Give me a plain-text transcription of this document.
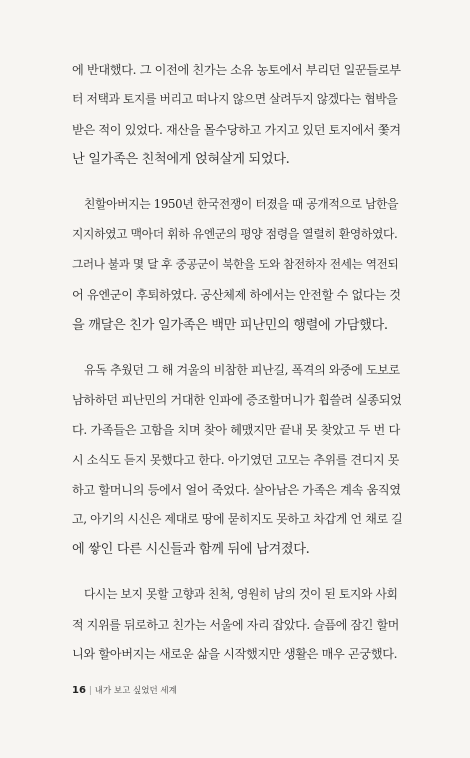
에 반대했다. 그 이전에 친가는 소유 농토에서 부리던 일꾼들로부
터 저택과 토지를 버리고 떠나지 않으면 살려두지 않겠다는 협박을
받은 적이 있었다. 재산을 몰수당하고 가지고 있던 토지에서 쫓겨
난 일가족은 친척에게 얹혀살게 되었다.
친할아버지는 1950년 한국전쟁이 터졌을 때 공개적으로 남한을
지지하였고 맥아더 휘하 유엔군의 평양 점령을 열렬히 환영하였다.
그러나 불과 몇 달 후 중공군이 북한을 도와 참전하자 전세는 역전되
어 유엔군이 후퇴하였다. 공산체제 하에서는 안전할 수 없다는 것
을 깨달은 친가 일가족은 백만 피난민의 행렬에 가담했다.
유독 추웠던 그 해 겨울의 비참한 피난길, 폭격의 와중에 도보로
남하하던 피난민의 거대한 인파에 증조할머니가 휩쓸려 실종되었
다. 가족들은 고함을 치며 찾아 헤맸지만 끝내 못 찾았고 두 번 다
시 소식도 듣지 못했다고 한다. 아기였던 고모는 추위를 견디지 못
하고 할머니의 등에서 얼어 죽었다. 살아남은 가족은 계속 움직였
고, 아기의 시신은 제대로 땅에 묻히지도 못하고 차갑게 언 채로 길
에 쌓인 다른 시신들과 함께 뒤에 남겨졌다.
다시는 보지 못할 고향과 친척, 영원히 남의 것이 된 토지와 사회
적 지위를 뒤로하고 친가는 서울에 자리 잡았다. 슬픔에 잠긴 할머
니와 할아버지는 새로운 삶을 시작했지만 생활은 매우 곤궁했다.
16 | 내가 보고 싶었던 세계
